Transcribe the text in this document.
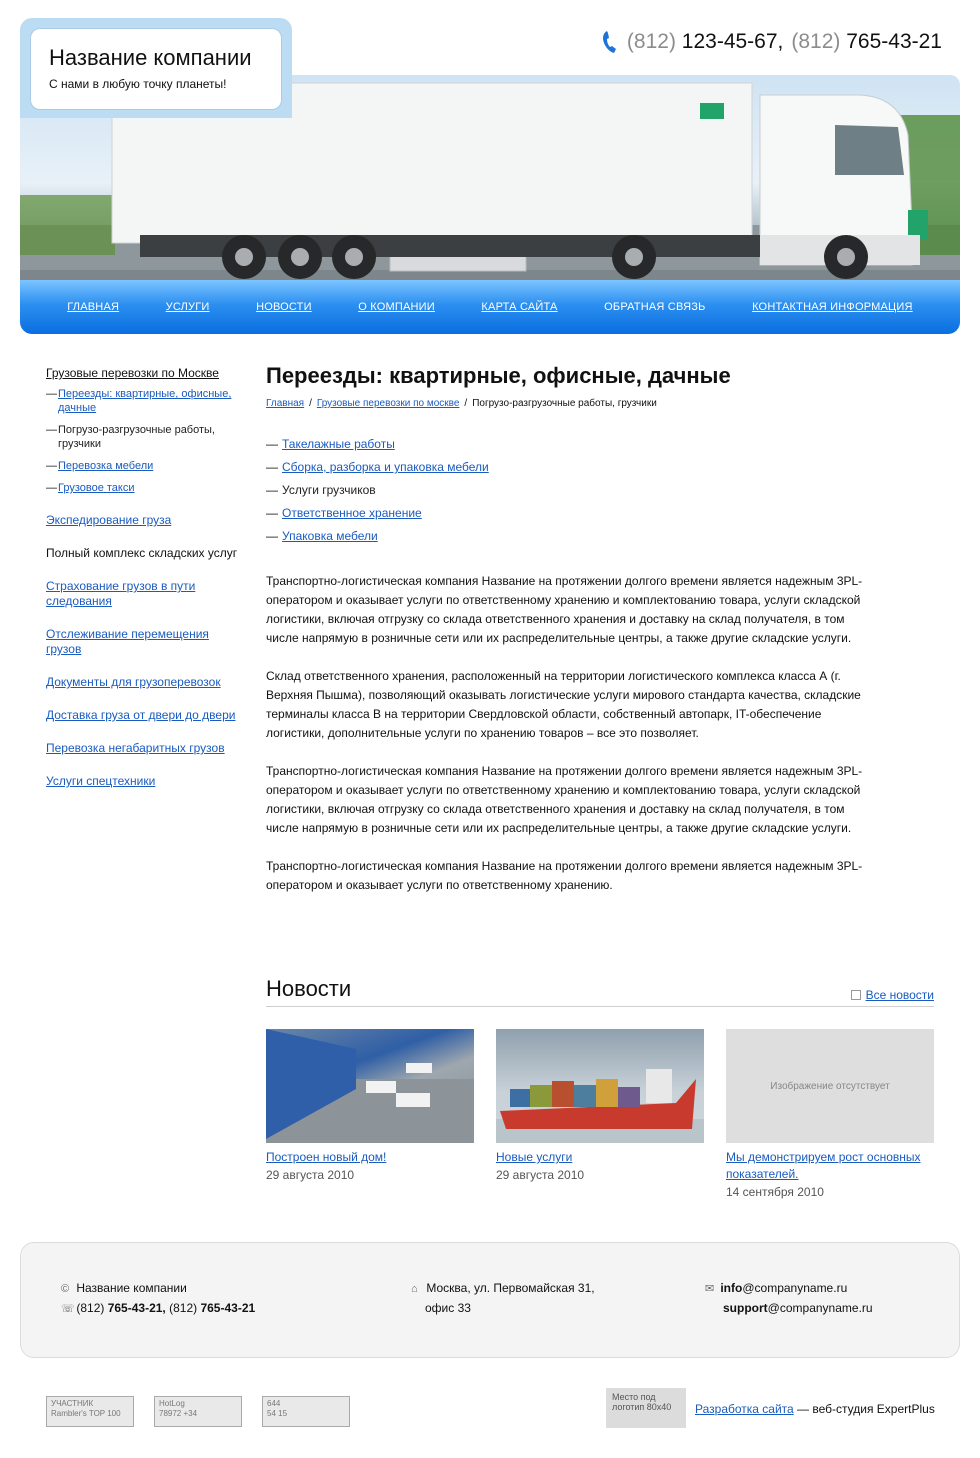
Название компании
С нами в любую точку планеты!
(812) 123-45-67, (812) 765-43-21
ГЛАВНАЯ	УСЛУГИ	НОВОСТИ	О КОМПАНИИ	КАРТА САЙТА	ОБРАТНАЯ СВЯЗЬ	КОНТАКТНАЯ ИНФОРМАЦИЯ
Грузовые перевозки по Москве
— Переезды: квартирные, офисные, дачные
— Погрузо-разгрузочные работы, грузчики
— Перевозка мебели
— Грузовое такси
Экспедирование груза
Полный комплекс складских услуг
Страхование грузов в пути следования
Отслеживание перемещения грузов
Документы для грузоперевозок
Доставка груза от двери до двери
Перевозка негабаритных грузов
Услуги спецтехники
Переезды: квартирные, офисные, дачные
Главная / Грузовые перевозки по москве / Погрузо-разгрузочные работы, грузчики
— Такелажные работы
— Сборка, разборка и упаковка мебели
— Услуги грузчиков
— Ответственное хранение
— Упаковка мебели

Транспортно-логистическая компания Название на протяжении долгого времени является надежным 3PL-оператором и оказывает услуги по ответственному хранению и комплектованию товара, услуги складской логистики, включая отгрузку со склада ответственного хранения и доставку на склад получателя, в том числе напрямую в розничные сети или их распределительные центры, а также другие складские услуги.

Склад ответственного хранения, расположенный на территории логистического комплекса класса А (г. Верхняя Пышма), позволяющий оказывать логистические услуги мирового стандарта качества, складские терминалы класса В на территории Свердловской области, собственный автопарк, IT-обеспечение логистики, дополнительные услуги по хранению товаров – все это позволяет.

Транспортно-логистическая компания Название на протяжении долгого времени является надежным 3PL-оператором и оказывает услуги по ответственному хранению и комплектованию товара, услуги складской логистики, включая отгрузку со склада ответственного хранения и доставку на склад получателя, в том числе напрямую в розничные сети или их распределительные центры, а также другие складские услуги.

Транспортно-логистическая компания Название на протяжении долгого времени является надежным 3PL-оператором и оказывает услуги по ответственному хранению.

Новости	Все новости
Построен новый дом!
29 августа 2010
Новые услуги
29 августа 2010
Изображение отсутствует
Мы демонстрируем рост основных показателей.
14 сентября 2010
© Название компании
☏ (812) 765-43-21, (812) 765-43-21
⌂ Москва, ул. Первомайская 31,
офис 33
✉ info@companyname.ru
support@companyname.ru
УЧАСТНИК
Rambler's TOP 100
HotLog
78972 +34
644
54 15
Место под логотип 80х40	Разработка сайта — веб-студия ExpertPlus
